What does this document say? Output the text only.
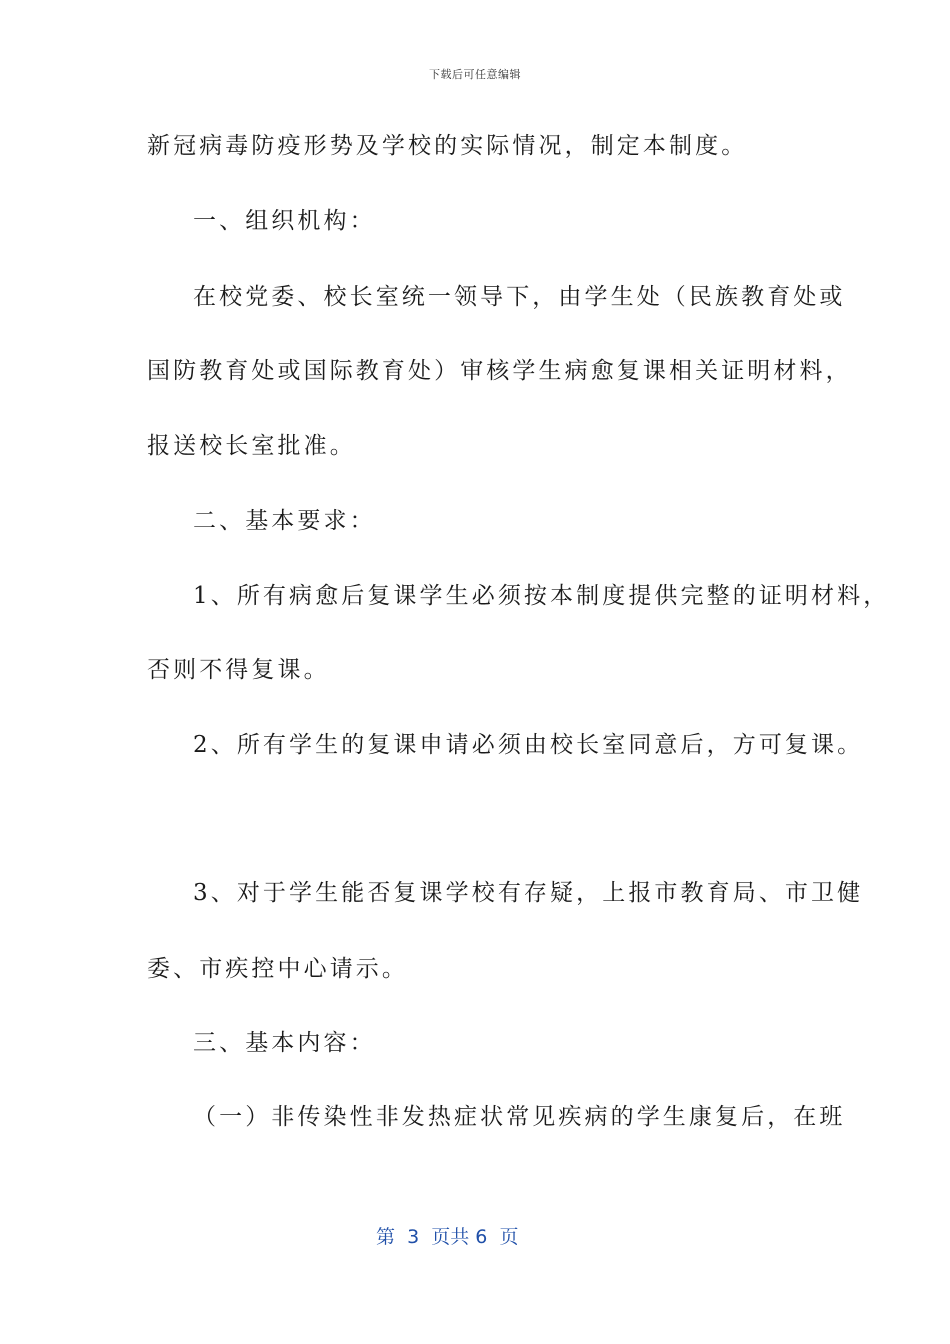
下载后可任意编辑
新冠病毒防疫形势及学校的实际情况，制定本制度。
一、组织机构：
在校党委、校长室统一领导下，由学生处（民族教育处或
国防教育处或国际教育处）审核学生病愈复课相关证明材料，
报送校长室批准。
二、基本要求：
1、所有病愈后复课学生必须按本制度提供完整的证明材料，
否则不得复课。
2、所有学生的复课申请必须由校长室同意后，方可复课。
3、对于学生能否复课学校有存疑，上报市教育局、市卫健
委、市疾控中心请示。
三、基本内容：
（一）非传染性非发热症状常见疾病的学生康复后，在班
第  3  页共 6  页
